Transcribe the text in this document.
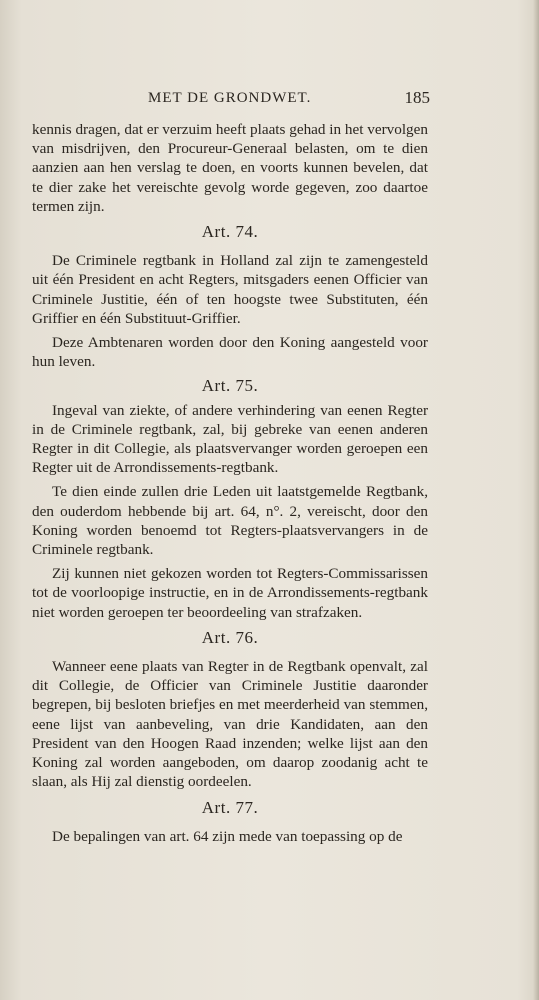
MET DE GRONDWET.	185

kennis dragen, dat er verzuim heeft plaats gehad in het vervolgen van misdrijven, den Procureur-Generaal belasten, om te dien aanzien aan hen verslag te doen, en voorts kunnen bevelen, dat te dier zake het vereischte gevolg worde gegeven, zoo daartoe termen zijn.

Art. 74.

De Criminele regtbank in Holland zal zijn te zamengesteld uit één President en acht Regters, mitsgaders eenen Officier van Criminele Justitie, één of ten hoogste twee Substituten, één Griffier en één Substituut-Griffier.

Deze Ambtenaren worden door den Koning aangesteld voor hun leven.

Art. 75.

Ingeval van ziekte, of andere verhindering van eenen Regter in de Criminele regtbank, zal, bij gebreke van eenen anderen Regter in dit Collegie, als plaatsvervanger worden geroepen een Regter uit de Arrondissements-regtbank.

Te dien einde zullen drie Leden uit laatstgemelde Regtbank, den ouderdom hebbende bij art. 64, n°. 2, vereischt, door den Koning worden benoemd tot Regters-plaatsvervangers in de Criminele regtbank.

Zij kunnen niet gekozen worden tot Regters-Commissarissen tot de voorloopige instructie, en in de Arrondissements-regtbank niet worden geroepen ter beoordeeling van strafzaken.

Art. 76.

Wanneer eene plaats van Regter in de Regtbank openvalt, zal dit Collegie, de Officier van Criminele Justitie daaronder begrepen, bij besloten briefjes en met meerderheid van stemmen, eene lijst van aanbeveling, van drie Kandidaten, aan den President van den Hoogen Raad inzenden; welke lijst aan den Koning zal worden aangeboden, om daarop zoodanig acht te slaan, als Hij zal dienstig oordeelen.

Art. 77.

De bepalingen van art. 64 zijn mede van toepassing op de
